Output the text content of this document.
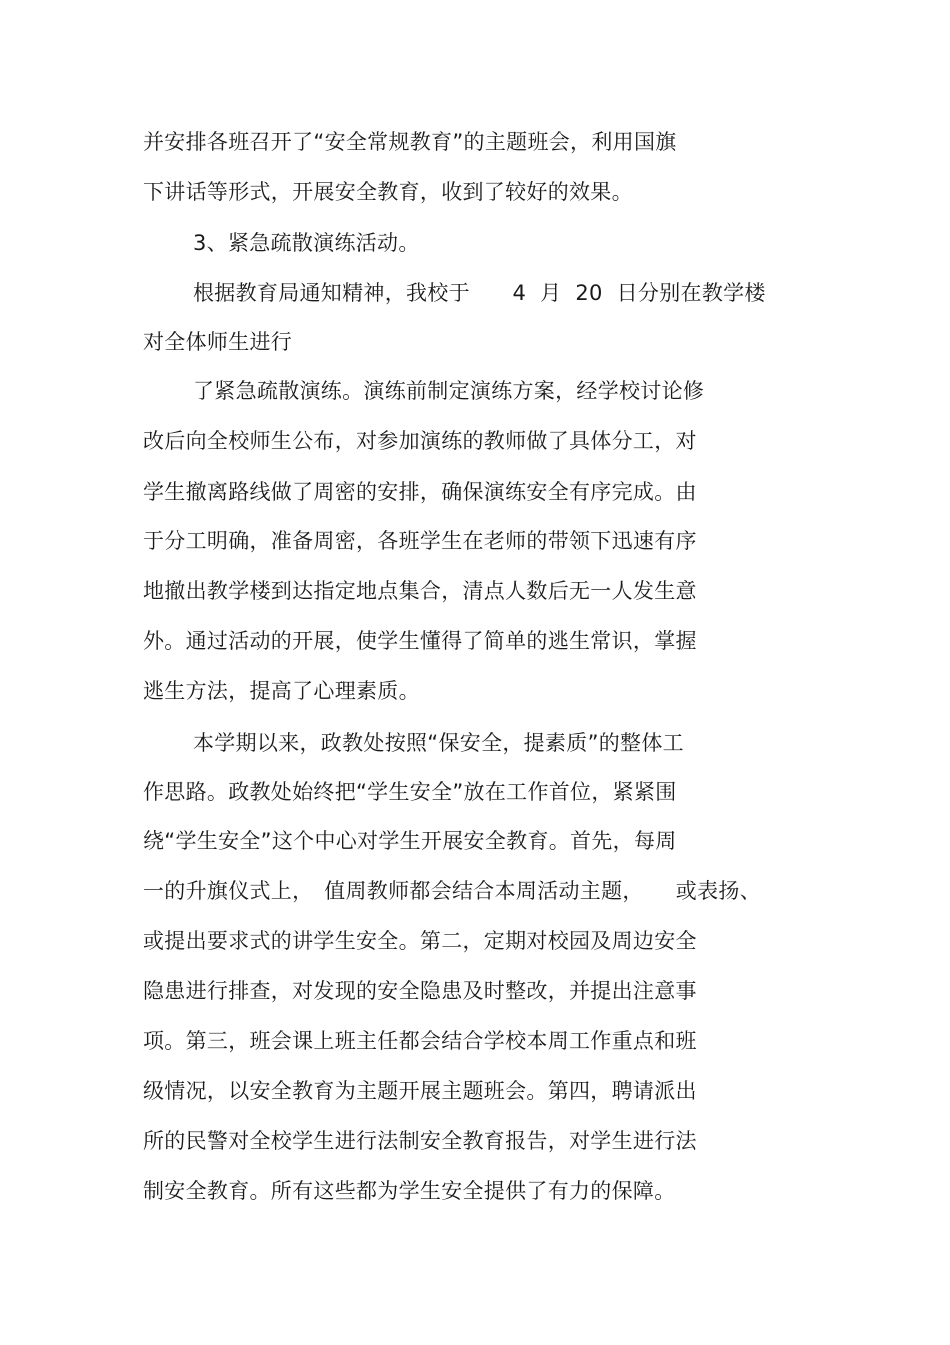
并安排各班召开了“安全常规教育”的主题班会，利用国旗
下讲话等形式，开展安全教育，收到了较好的效果。
3、紧急疏散演练活动。
根据教育局通知精神，我校于　　4  月  20  日分别在教学楼
对全体师生进行
了紧急疏散演练。演练前制定演练方案，经学校讨论修
改后向全校师生公布，对参加演练的教师做了具体分工，对
学生撤离路线做了周密的安排，确保演练安全有序完成。由
于分工明确，准备周密，各班学生在老师的带领下迅速有序
地撤出教学楼到达指定地点集合，清点人数后无一人发生意
外。通过活动的开展，使学生懂得了简单的逃生常识，掌握
逃生方法，提高了心理素质。
本学期以来，政教处按照“保安全，提素质”的整体工
作思路。政教处始终把“学生安全”放在工作首位，紧紧围
绕“学生安全”这个中心对学生开展安全教育。首先，每周
一的升旗仪式上，　值周教师都会结合本周活动主题，　　或表扬、
或提出要求式的讲学生安全。第二，定期对校园及周边安全
隐患进行排查，对发现的安全隐患及时整改，并提出注意事
项。第三，班会课上班主任都会结合学校本周工作重点和班
级情况，以安全教育为主题开展主题班会。第四，聘请派出
所的民警对全校学生进行法制安全教育报告，对学生进行法
制安全教育。所有这些都为学生安全提供了有力的保障。
